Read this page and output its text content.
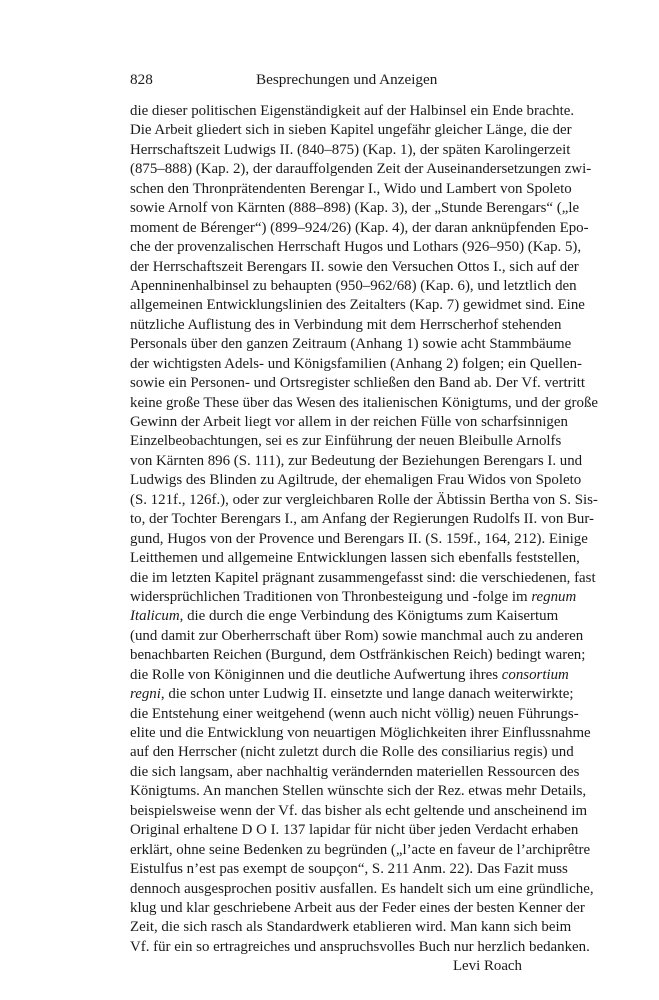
828	Besprechungen und Anzeigen
die dieser politischen Eigenständigkeit auf der Halbinsel ein Ende brachte.
Die Arbeit gliedert sich in sieben Kapitel ungefähr gleicher Länge, die der
Herrschaftszeit Ludwigs II. (840–875) (Kap. 1), der späten Karolingerzeit
(875–888) (Kap. 2), der darauffolgenden Zeit der Auseinandersetzungen zwi-
schen den Thronprätendenten Berengar I., Wido und Lambert von Spoleto
sowie Arnolf von Kärnten (888–898) (Kap. 3), der „Stunde Berengars“ („le
moment de Bérenger“) (899–924/26) (Kap. 4), der daran anknüpfenden Epo-
che der provenzalischen Herrschaft Hugos und Lothars (926–950) (Kap. 5),
der Herrschaftszeit Berengars II. sowie den Versuchen Ottos I., sich auf der
Apenninenhalbinsel zu behaupten (950–962/68) (Kap. 6), und letztlich den
allgemeinen Entwicklungslinien des Zeitalters (Kap. 7) gewidmet sind. Eine
nützliche Auflistung des in Verbindung mit dem Herrscherhof stehenden
Personals über den ganzen Zeitraum (Anhang 1) sowie acht Stammbäume
der wichtigsten Adels- und Königsfamilien (Anhang 2) folgen; ein Quellen-
sowie ein Personen- und Ortsregister schließen den Band ab. Der Vf. vertritt
keine große These über das Wesen des italienischen Königtums, und der große
Gewinn der Arbeit liegt vor allem in der reichen Fülle von scharfsinnigen
Einzelbeobachtungen, sei es zur Einführung der neuen Bleibulle Arnolfs
von Kärnten 896 (S. 111), zur Bedeutung der Beziehungen Berengars I. und
Ludwigs des Blinden zu Agiltrude, der ehemaligen Frau Widos von Spoleto
(S. 121f., 126f.), oder zur vergleichbaren Rolle der Äbtissin Bertha von S. Sis-
to, der Tochter Berengars I., am Anfang der Regierungen Rudolfs II. von Bur-
gund, Hugos von der Provence und Berengars II. (S. 159f., 164, 212). Einige
Leitthemen und allgemeine Entwicklungen lassen sich ebenfalls feststellen,
die im letzten Kapitel prägnant zusammengefasst sind: die verschiedenen, fast
widersprüchlichen Traditionen von Thronbesteigung und -folge im regnum
Italicum, die durch die enge Verbindung des Königtums zum Kaisertum
(und damit zur Oberherrschaft über Rom) sowie manchmal auch zu anderen
benachbarten Reichen (Burgund, dem Ostfränkischen Reich) bedingt waren;
die Rolle von Königinnen und die deutliche Aufwertung ihres consortium
regni, die schon unter Ludwig II. einsetzte und lange danach weiterwirkte;
die Entstehung einer weitgehend (wenn auch nicht völlig) neuen Führungs-
elite und die Entwicklung von neuartigen Möglichkeiten ihrer Einflussnahme
auf den Herrscher (nicht zuletzt durch die Rolle des consiliarius regis) und
die sich langsam, aber nachhaltig verändernden materiellen Ressourcen des
Königtums. An manchen Stellen wünschte sich der Rez. etwas mehr Details,
beispielsweise wenn der Vf. das bisher als echt geltende und anscheinend im
Original erhaltene D O I. 137 lapidar für nicht über jeden Verdacht erhaben
erklärt, ohne seine Bedenken zu begründen („l’acte en faveur de l’archiprêtre
Eistulfus n’est pas exempt de soupçon“, S. 211 Anm. 22). Das Fazit muss
dennoch ausgesprochen positiv ausfallen. Es handelt sich um eine gründliche,
klug und klar geschriebene Arbeit aus der Feder eines der besten Kenner der
Zeit, die sich rasch als Standardwerk etablieren wird. Man kann sich beim
Vf. für ein so ertragreiches und anspruchsvolles Buch nur herzlich bedanken.
Levi Roach
